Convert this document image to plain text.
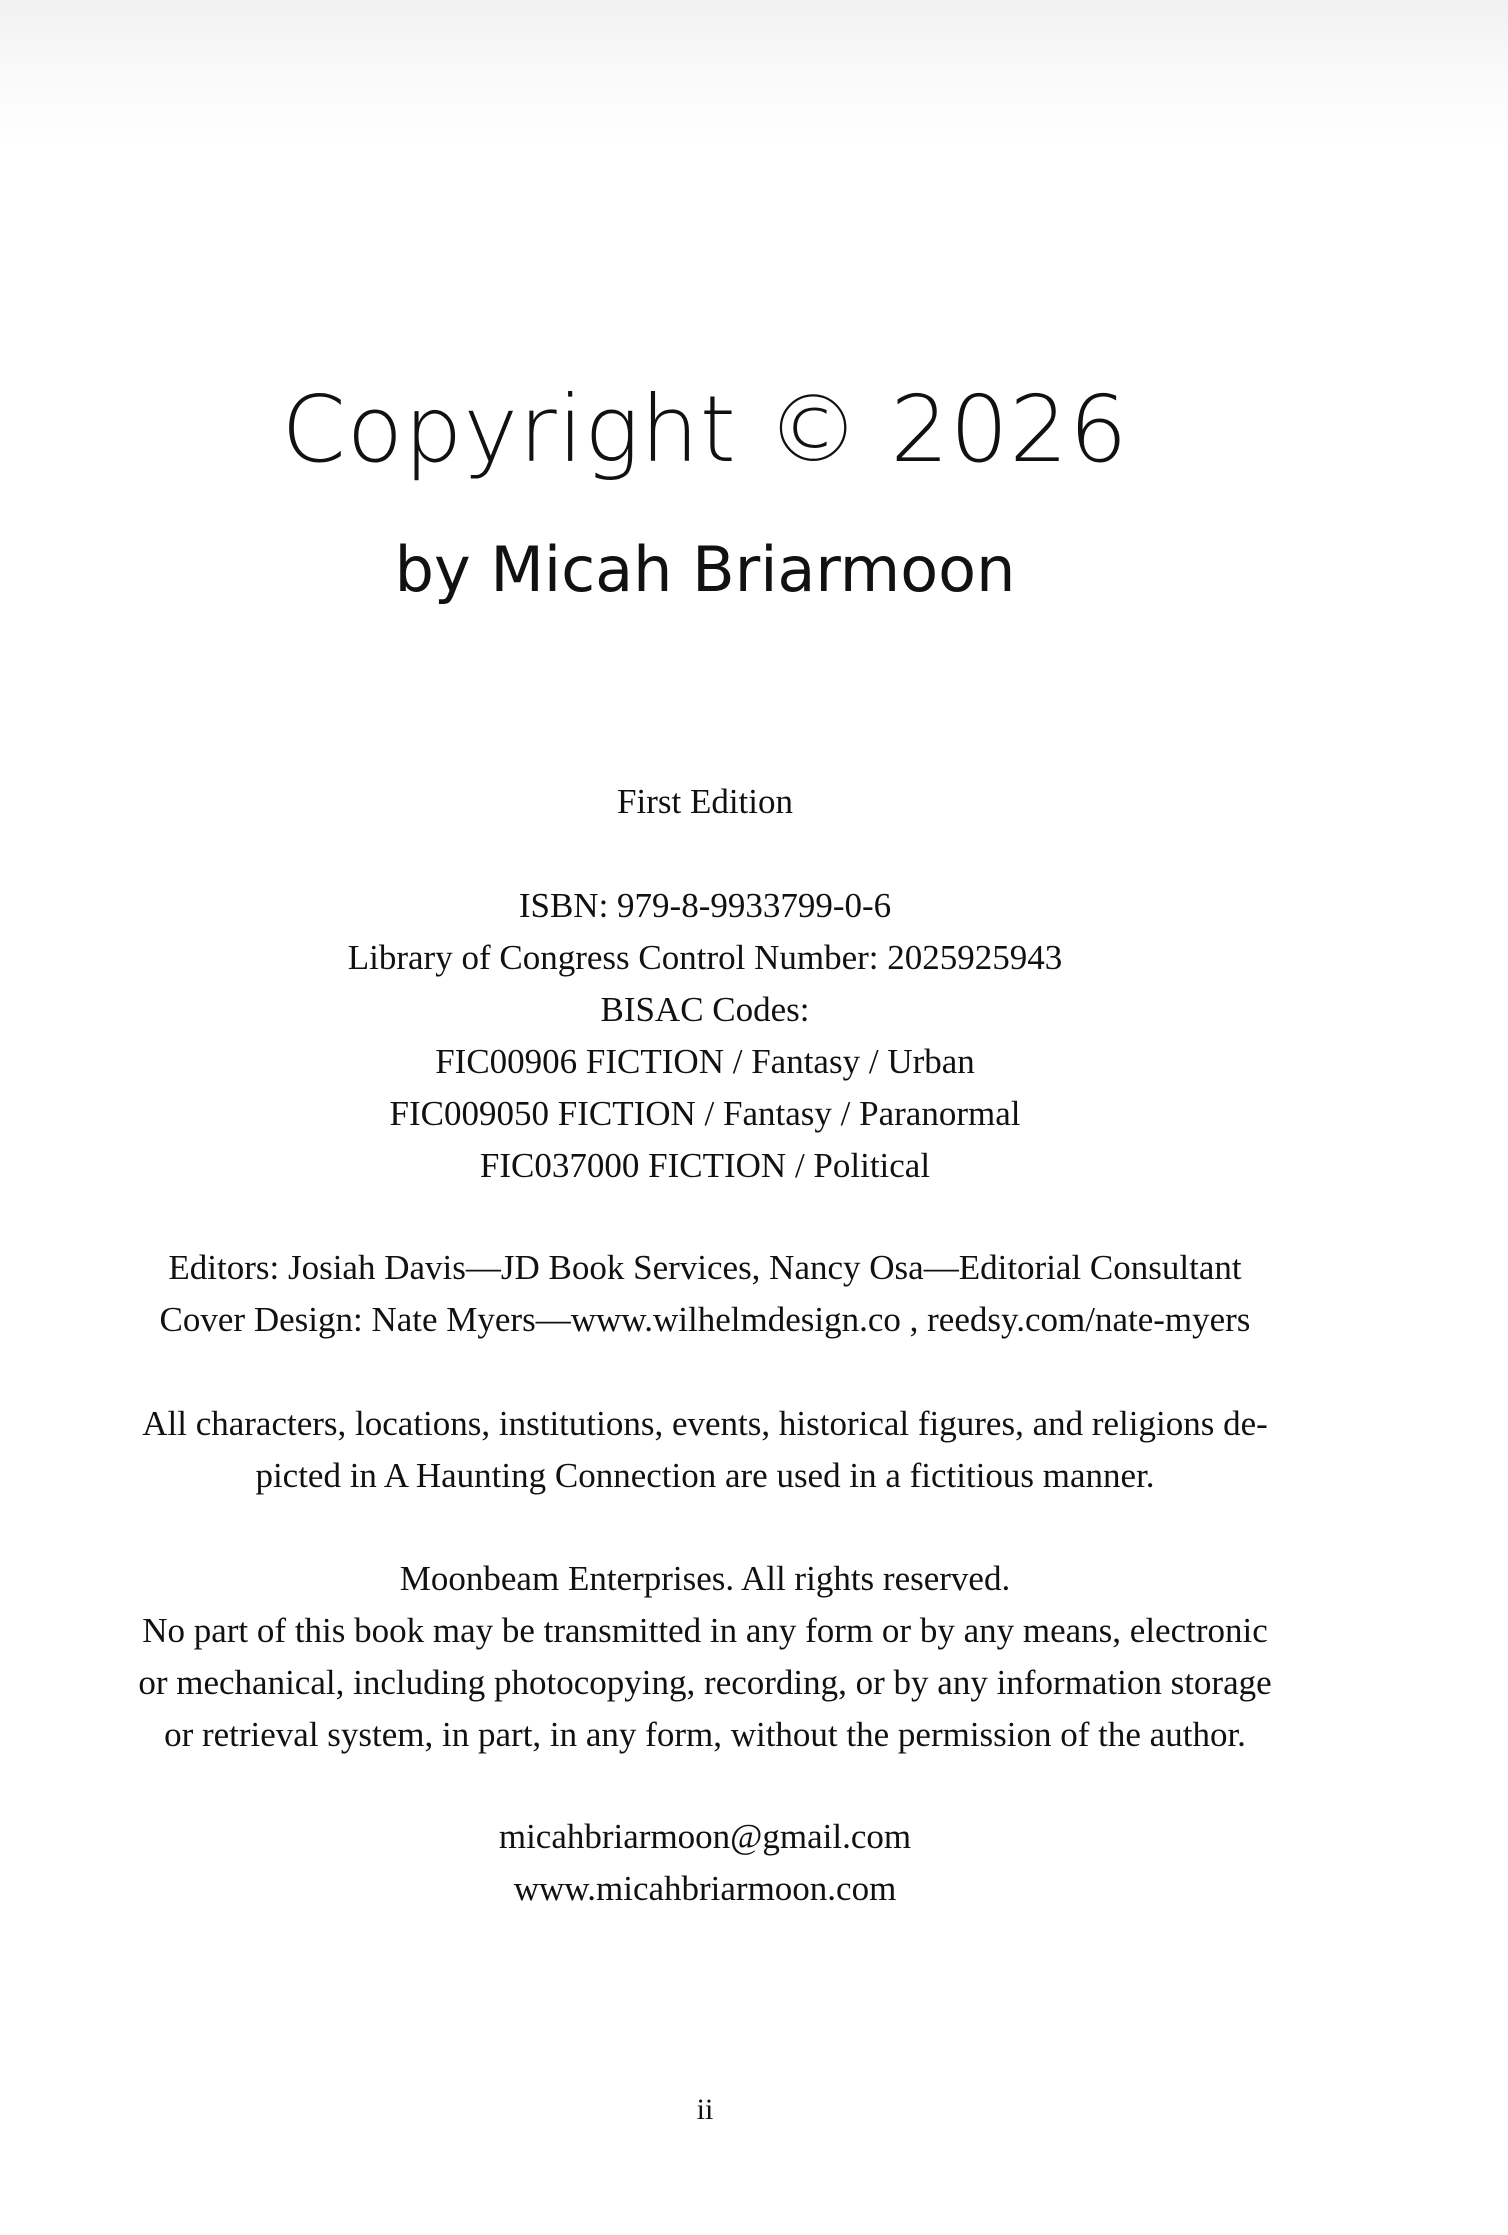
Copyright © 2026
by Micah Briarmoon
First Edition
ISBN: 979-8-9933799-0-6
Library of Congress Control Number: 2025925943
BISAC Codes:
FIC00906 FICTION / Fantasy / Urban
FIC009050 FICTION / Fantasy / Paranormal
FIC037000 FICTION / Political
Editors: Josiah Davis—JD Book Services, Nancy Osa—Editorial Consultant
Cover Design: Nate Myers—www.wilhelmdesign.co , reedsy.com/nate-myers
All characters, locations, institutions, events, historical figures, and religions de-
picted in A Haunting Connection are used in a fictitious manner.
Moonbeam Enterprises. All rights reserved.
No part of this book may be transmitted in any form or by any means, electronic
or mechanical, including photocopying, recording, or by any information storage
or retrieval system, in part, in any form, without the permission of the author.
micahbriarmoon@gmail.com
www.micahbriarmoon.com
ii
